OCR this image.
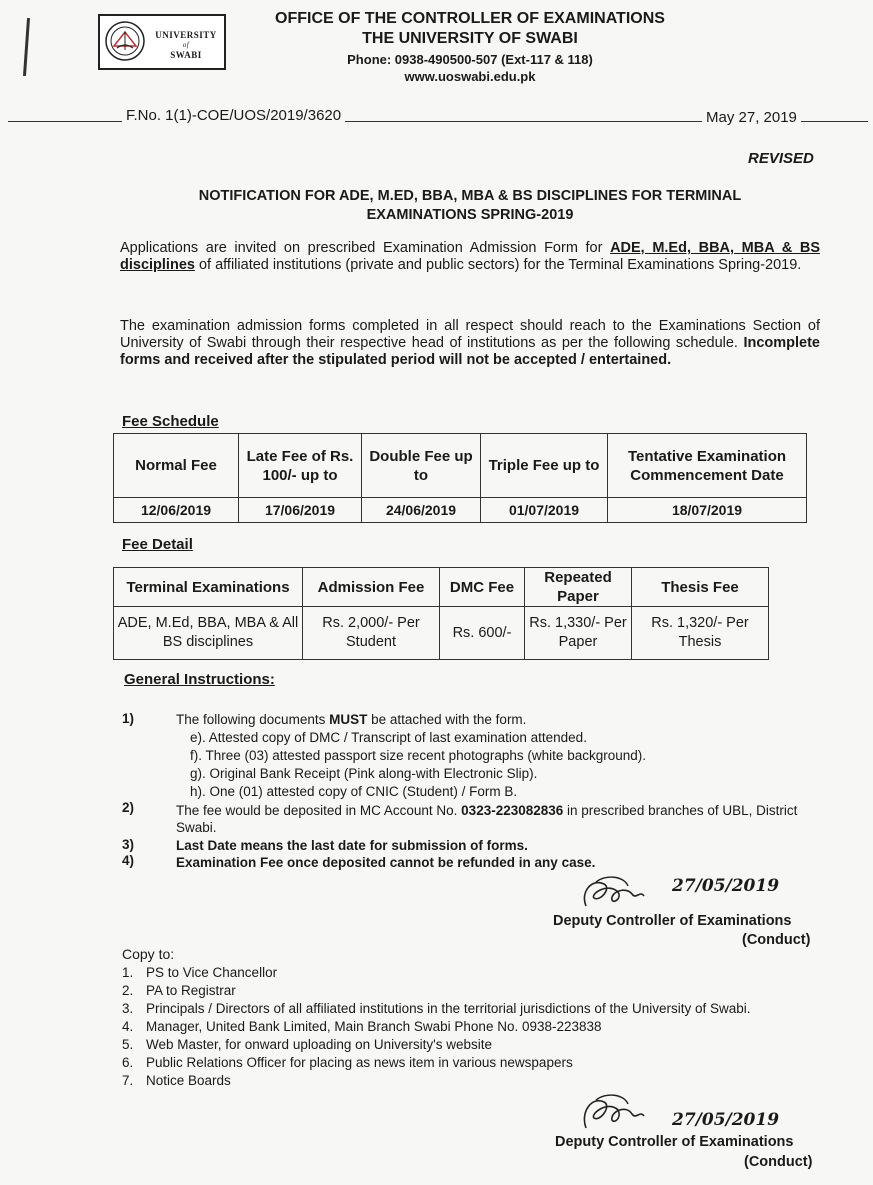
UNIVERSITY
of
SWABI
OFFICE OF THE CONTROLLER OF EXAMINATIONS
THE UNIVERSITY OF SWABI
Phone: 0938-490500-507 (Ext-117 & 118)
www.uoswabi.edu.pk
F.No. 1(1)-COE/UOS/2019/3620	May 27, 2019
REVISED
NOTIFICATION FOR ADE, M.ED, BBA, MBA & BS DISCIPLINES FOR TERMINAL
EXAMINATIONS SPRING-2019
Applications are invited on prescribed Examination Admission Form for ADE, M.Ed, BBA, MBA & BS disciplines of affiliated institutions (private and public sectors) for the Terminal Examinations Spring-2019.
The examination admission forms completed in all respect should reach to the Examinations Section of University of Swabi through their respective head of institutions as per the following schedule. Incomplete forms and received after the stipulated period will not be accepted / entertained.
Fee Schedule
Normal Fee	Late Fee of Rs. 100/- up to	Double Fee up to	Triple Fee up to	Tentative Examination Commencement Date
12/06/2019	17/06/2019	24/06/2019	01/07/2019	18/07/2019
Fee Detail
Terminal Examinations	Admission Fee	DMC Fee	Repeated Paper	Thesis Fee
ADE, M.Ed, BBA, MBA & All BS disciplines	Rs. 2,000/- Per Student	Rs. 600/-	Rs. 1,330/- Per Paper	Rs. 1,320/- Per Thesis
General Instructions:
1)	The following documents MUST be attached with the form.
e). Attested copy of DMC / Transcript of last examination attended.
f). Three (03) attested passport size recent photographs (white background).
g). Original Bank Receipt (Pink along-with Electronic Slip).
h). One (01) attested copy of CNIC (Student) / Form B.
2)	The fee would be deposited in MC Account No. 0323-223082836 in prescribed branches of UBL, District Swabi.
3)	Last Date means the last date for submission of forms.
4)	Examination Fee once deposited cannot be refunded in any case.
27/05/2019
Deputy Controller of Examinations
(Conduct)
Copy to:
1. PS to Vice Chancellor
2. PA to Registrar
3. Principals / Directors of all affiliated institutions in the territorial jurisdictions of the University of Swabi.
4. Manager, United Bank Limited, Main Branch Swabi Phone No. 0938-223838
5. Web Master, for onward uploading on University's website
6. Public Relations Officer for placing as news item in various newspapers
7. Notice Boards
27/05/2019
Deputy Controller of Examinations
(Conduct)
